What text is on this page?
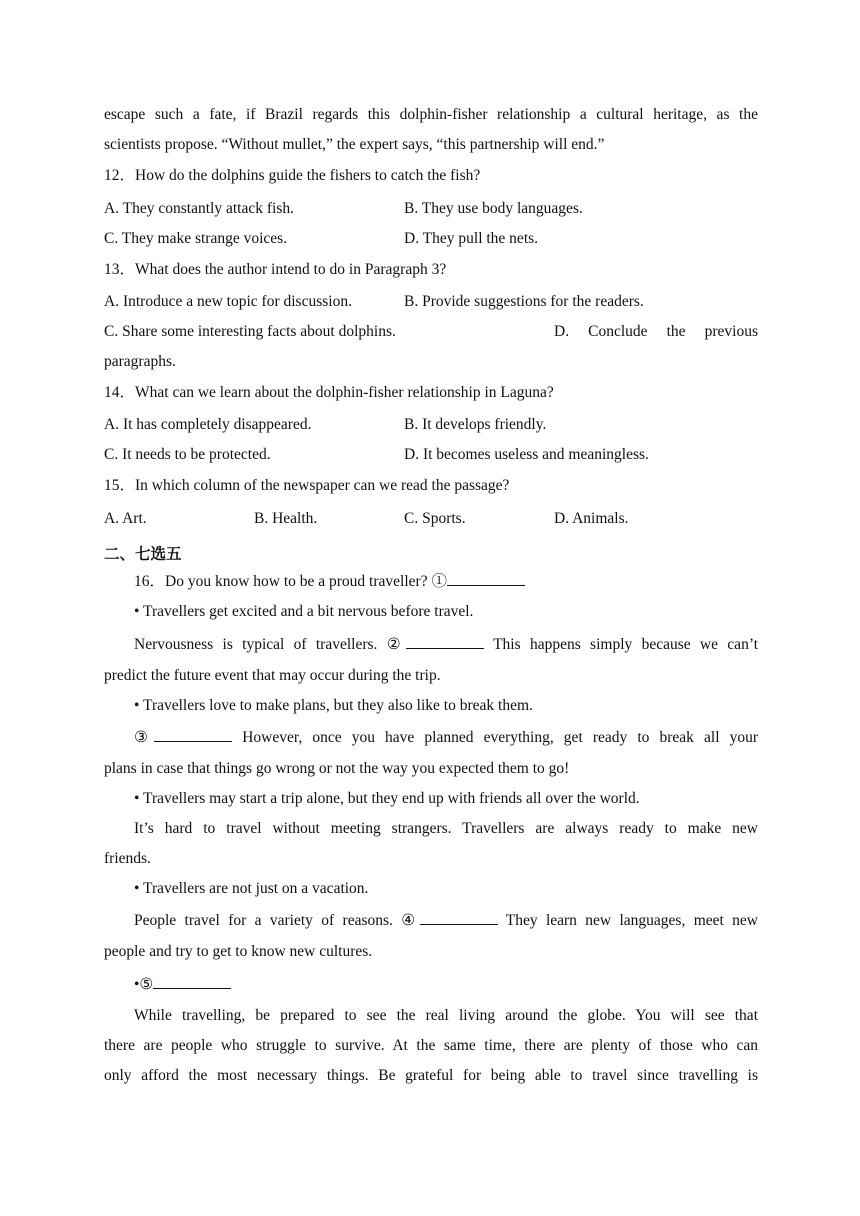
escape such a fate, if Brazil regards this dolphin-fisher relationship a cultural heritage, as the
scientists propose. “Without mullet,” the expert says, “this partnership will end.”
12．How do the dolphins guide the fishers to catch the fish?
A. They constantly attack fish.	B. They use body languages.
C. They make strange voices.	D. They pull the nets.
13．What does the author intend to do in Paragraph 3?
A. Introduce a new topic for discussion.	B. Provide suggestions for the readers.
C. Share some interesting facts about dolphins.	D. Conclude the previous
paragraphs.
14．What can we learn about the dolphin-fisher relationship in Laguna?
A. It has completely disappeared.	B. It develops friendly.
C. It needs to be protected.	D. It becomes useless and meaningless.
15．In which column of the newspaper can we read the passage?
A. Art.	B. Health.	C. Sports.	D. Animals.
二、七选五
16．Do you know how to be a proud traveller? ①
• Travellers get excited and a bit nervous before travel.
Nervousness is typical of travellers. ②	This happens simply because we can’t
predict the future event that may occur during the trip.
• Travellers love to make plans, but they also like to break them.
③	However, once you have planned everything, get ready to break all your
plans in case that things go wrong or not the way you expected them to go!
• Travellers may start a trip alone, but they end up with friends all over the world.
It’s hard to travel without meeting strangers. Travellers are always ready to make new
friends.
• Travellers are not just on a vacation.
People travel for a variety of reasons. ④	They learn new languages, meet new
people and try to get to know new cultures.
•⑤
While travelling, be prepared to see the real living around the globe. You will see that
there are people who struggle to survive. At the same time, there are plenty of those who can
only afford the most necessary things. Be grateful for being able to travel since travelling is
